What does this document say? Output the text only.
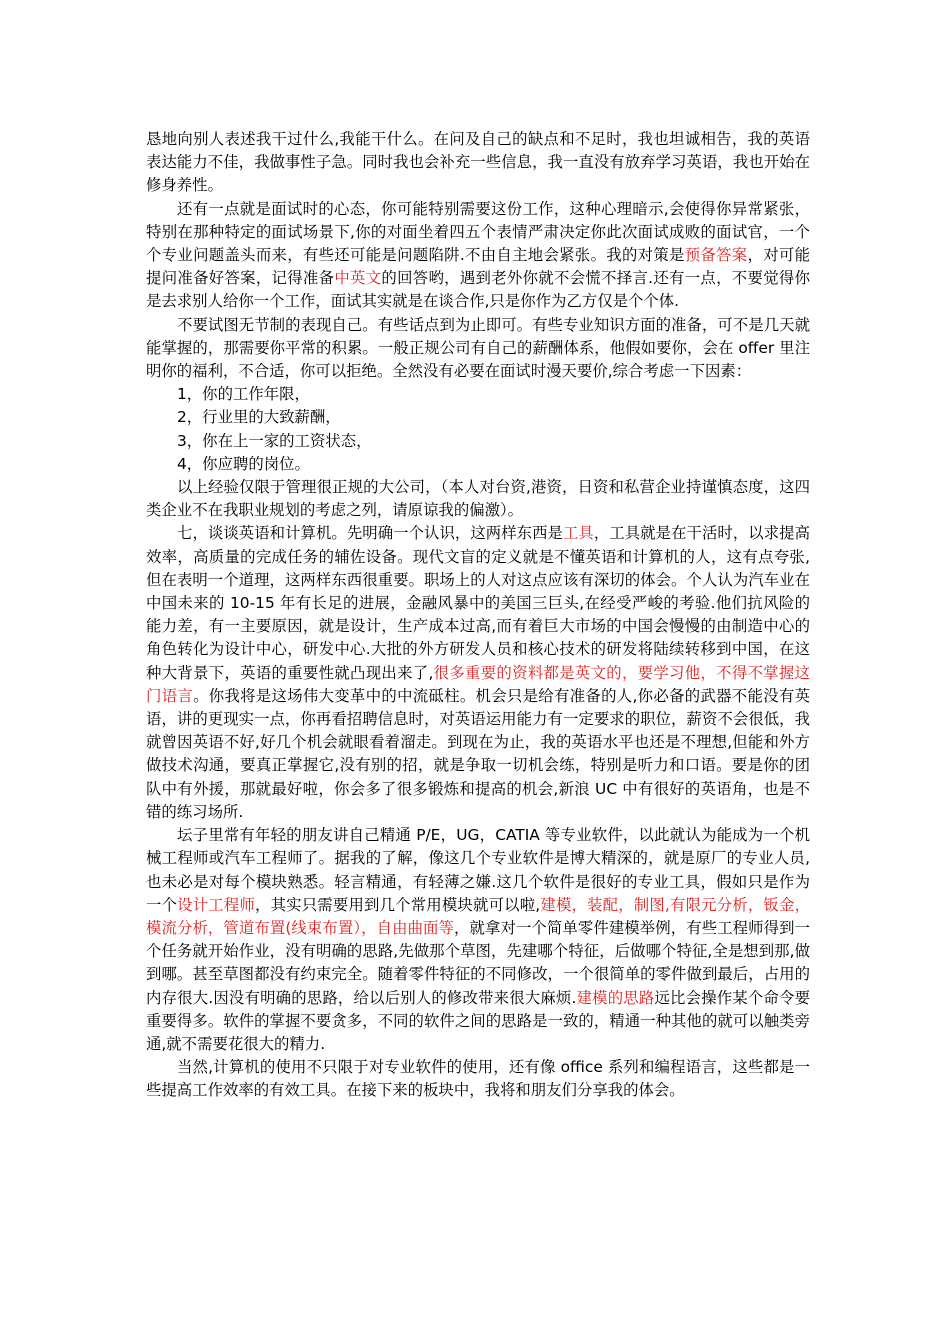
恳地向别人表述我干过什么,我能干什么。在问及自己的缺点和不足时，我也坦诚相告，我的英语表达能力不佳，我做事性子急。同时我也会补充一些信息，我一直没有放弃学习英语，我也开始在修身养性。

还有一点就是面试时的心态，你可能特别需要这份工作，这种心理暗示,会使得你异常紧张，特别在那种特定的面试场景下,你的对面坐着四五个表情严肃决定你此次面试成败的面试官，一个个专业问题盖头而来，有些还可能是问题陷阱.不由自主地会紧张。我的对策是预备答案，对可能提问准备好答案，记得准备中英文的回答哟，遇到老外你就不会慌不择言.还有一点，不要觉得你是去求别人给你一个工作，面试其实就是在谈合作,只是你作为乙方仅是个个体.

不要试图无节制的表现自己。有些话点到为止即可。有些专业知识方面的准备，可不是几天就能掌握的，那需要你平常的积累。一般正规公司有自己的薪酬体系，他假如要你，会在 offer 里注明你的福利，不合适，你可以拒绝。全然没有必要在面试时漫天要价,综合考虑一下因素：

1，你的工作年限，

2，行业里的大致薪酬，

3，你在上一家的工资状态，

4，你应聘的岗位。

以上经验仅限于管理很正规的大公司，（本人对台资,港资，日资和私营企业持谨慎态度，这四类企业不在我职业规划的考虑之列，请原谅我的偏激）。

七，谈谈英语和计算机。先明确一个认识，这两样东西是工具，工具就是在干活时，以求提高效率，高质量的完成任务的辅佐设备。现代文盲的定义就是不懂英语和计算机的人，这有点夸张,但在表明一个道理，这两样东西很重要。职场上的人对这点应该有深切的体会。个人认为汽车业在中国未来的 10-15 年有长足的进展，金融风暴中的美国三巨头,在经受严峻的考验.他们抗风险的能力差，有一主要原因，就是设计，生产成本过高,而有着巨大市场的中国会慢慢的由制造中心的角色转化为设计中心，研发中心.大批的外方研发人员和核心技术的研发将陆续转移到中国，在这种大背景下，英语的重要性就凸现出来了,很多重要的资料都是英文的，要学习他，不得不掌握这门语言。你我将是这场伟大变革中的中流砥柱。机会只是给有准备的人,你必备的武器不能没有英语，讲的更现实一点，你再看招聘信息时，对英语运用能力有一定要求的职位，薪资不会很低，我就曾因英语不好,好几个机会就眼看着溜走。到现在为止，我的英语水平也还是不理想,但能和外方做技术沟通，要真正掌握它,没有别的招，就是争取一切机会练，特别是听力和口语。要是你的团队中有外援，那就最好啦，你会多了很多锻炼和提高的机会,新浪 UC 中有很好的英语角，也是不错的练习场所.

坛子里常有年轻的朋友讲自己精通 P/E，UG，CATIA 等专业软件，以此就认为能成为一个机械工程师或汽车工程师了。据我的了解，像这几个专业软件是博大精深的，就是原厂的专业人员,也未必是对每个模块熟悉。轻言精通，有轻薄之嫌.这几个软件是很好的专业工具，假如只是作为一个设计工程师，其实只需要用到几个常用模块就可以啦,建模，装配，制图,有限元分析，钣金，模流分析，管道布置(线束布置），自由曲面等，就拿对一个简单零件建模举例，有些工程师得到一个任务就开始作业，没有明确的思路,先做那个草图，先建哪个特征，后做哪个特征,全是想到那,做到哪。甚至草图都没有约束完全。随着零件特征的不同修改，一个很简单的零件做到最后，占用的内存很大.因没有明确的思路，给以后别人的修改带来很大麻烦.建模的思路远比会操作某个命令要重要得多。软件的掌握不要贪多，不同的软件之间的思路是一致的，精通一种其他的就可以触类旁通,就不需要花很大的精力.

当然,计算机的使用不只限于对专业软件的使用，还有像 office 系列和编程语言，这些都是一些提高工作效率的有效工具。在接下来的板块中，我将和朋友们分享我的体会。
